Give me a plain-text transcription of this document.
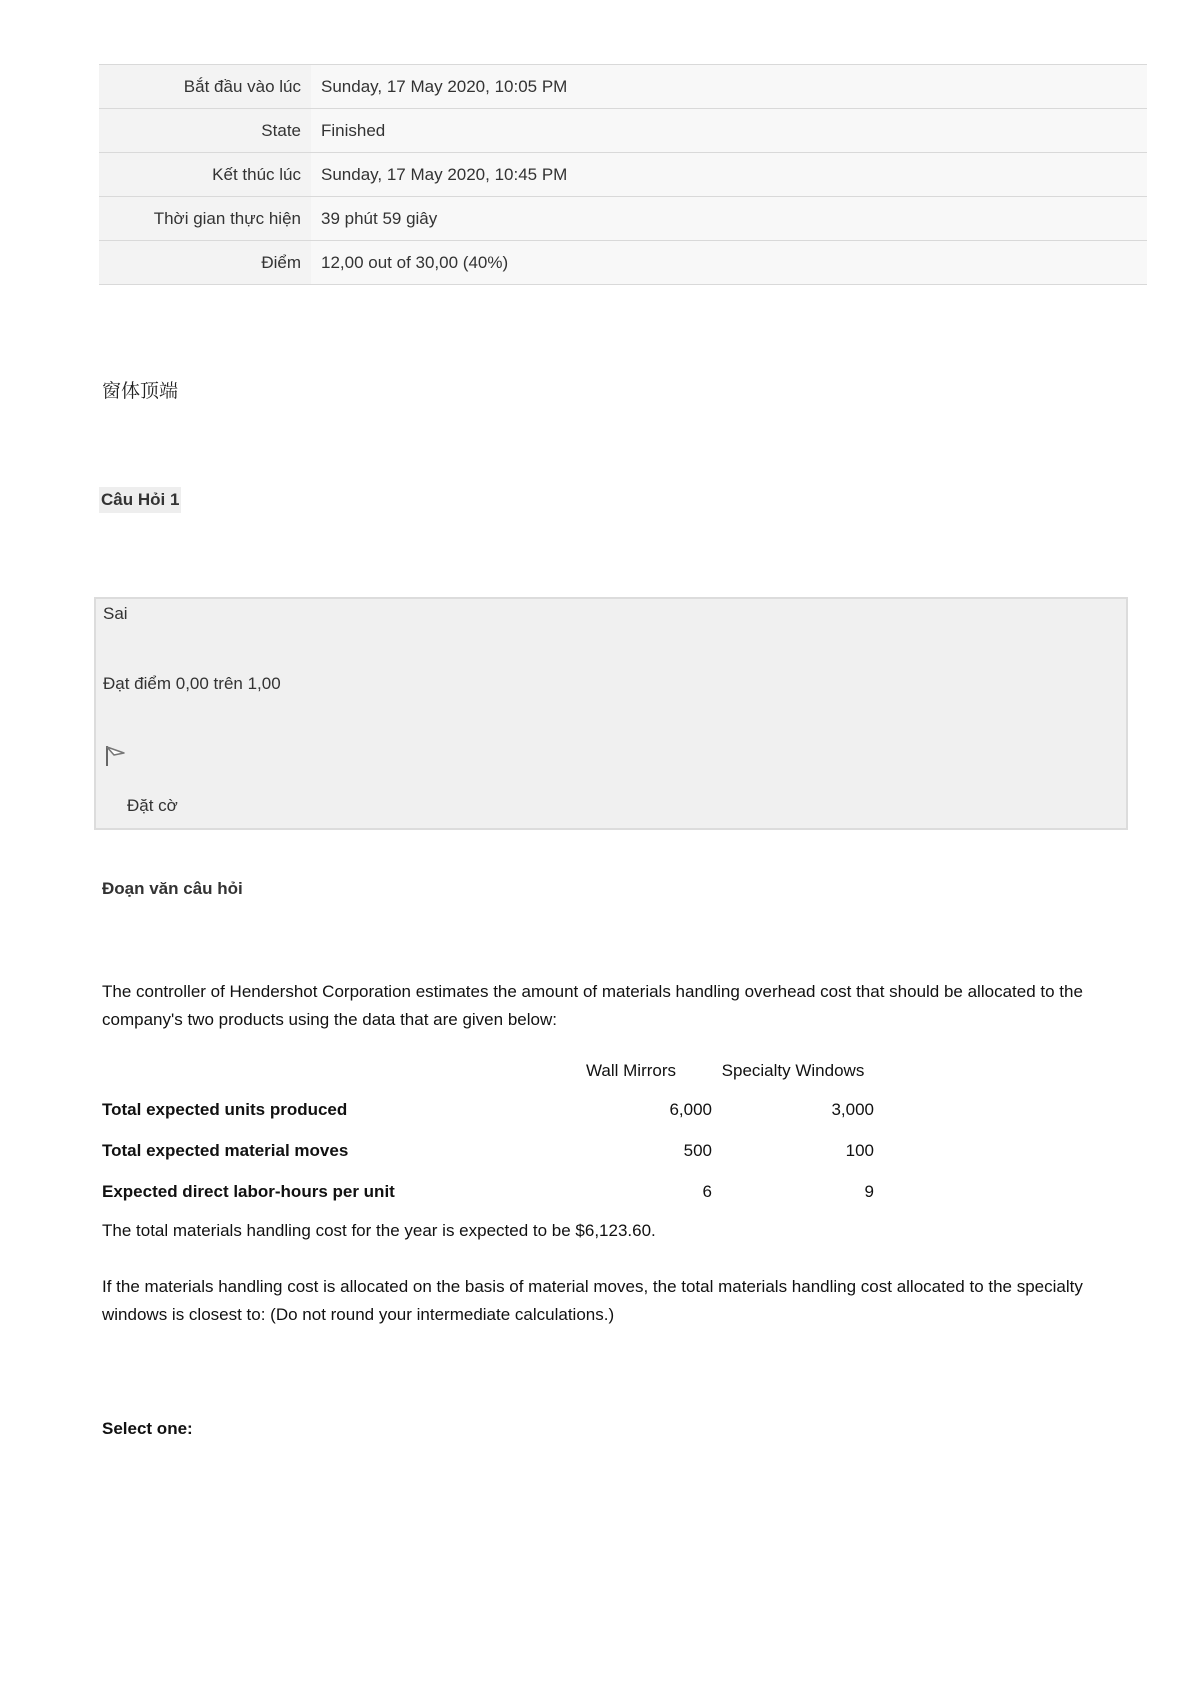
Bắt đầu vào lúc	Sunday, 17 May 2020, 10:05 PM
State	Finished
Kết thúc lúc	Sunday, 17 May 2020, 10:45 PM
Thời gian thực hiện	39 phút 59 giây
Điểm	12,00 out of 30,00 (40%)
窗体顶端
Câu Hỏi 1
Sai
Đạt điểm 0,00 trên 1,00
Đặt cờ
Đoạn văn câu hỏi
The controller of Hendershot Corporation estimates the amount of materials handling overhead cost that should be allocated to the company's two products using the data that are given below:
	Wall Mirrors	Specialty Windows
Total expected units produced	6,000	3,000
Total expected material moves	500	100
Expected direct labor-hours per unit	6	9
The total materials handling cost for the year is expected to be $6,123.60.
If the materials handling cost is allocated on the basis of material moves, the total materials handling cost allocated to the specialty windows is closest to: (Do not round your intermediate calculations.)
Select one:
